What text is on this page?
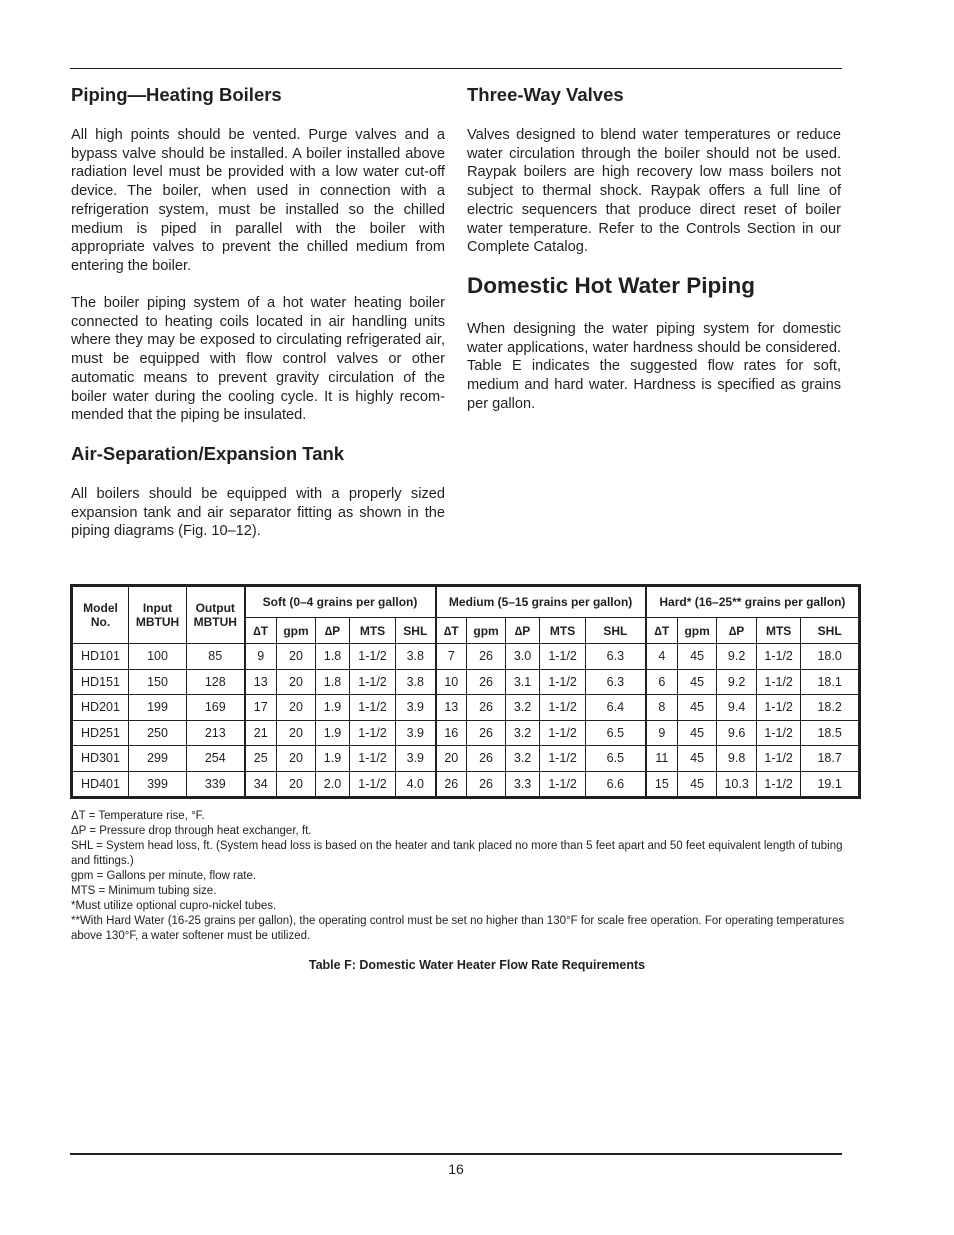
Piping—Heating Boilers

All high points should be vented. Purge valves and a bypass valve should be installed. A boiler installed above radiation level must be provided with a low water cut-off device. The boiler, when used in connection with a refrigeration system, must be installed so the chilled medium is piped in parallel with the boiler with appropriate valves to prevent the chilled medium from entering the boiler.

The boiler piping system of a hot water heating boiler connected to heating coils located in air handling units where they may be exposed to circulating refrigerated air, must be equipped with flow control valves or other automatic means to prevent gravity circulation of the boiler water during the cooling cycle. It is highly recommended that the piping be insulated.

Air-Separation/Expansion Tank

All boilers should be equipped with a properly sized expansion tank and air separator fitting as shown in the piping diagrams (Fig. 10–12).

Three-Way Valves

Valves designed to blend water temperatures or reduce water circulation through the boiler should not be used. Raypak boilers are high recovery low mass boilers not subject to thermal shock. Raypak offers a full line of electric sequencers that produce direct reset of boiler water temperature. Refer to the Controls Section in our Complete Catalog.

Domestic Hot Water Piping

When designing the water piping system for domestic water applications, water hardness should be considered. Table E indicates the suggested flow rates for soft, medium and hard water. Hardness is specified as grains per gallon.

Model No.	Input MBTUH	Output MBTUH	Soft (0–4 grains per gallon)					Medium (5–15 grains per gallon)					Hard* (16–25** grains per gallon)				
			∆T	gpm	∆P	MTS	SHL	∆T	gpm	∆P	MTS	SHL	∆T	gpm	∆P	MTS	SHL
HD101	100	85	9	20	1.8	1-1/2	3.8	7	26	3.0	1-1/2	6.3	4	45	9.2	1-1/2	18.0
HD151	150	128	13	20	1.8	1-1/2	3.8	10	26	3.1	1-1/2	6.3	6	45	9.2	1-1/2	18.1
HD201	199	169	17	20	1.9	1-1/2	3.9	13	26	3.2	1-1/2	6.4	8	45	9.4	1-1/2	18.2
HD251	250	213	21	20	1.9	1-1/2	3.9	16	26	3.2	1-1/2	6.5	9	45	9.6	1-1/2	18.5
HD301	299	254	25	20	1.9	1-1/2	3.9	20	26	3.2	1-1/2	6.5	11	45	9.8	1-1/2	18.7
HD401	399	339	34	20	2.0	1-1/2	4.0	26	26	3.3	1-1/2	6.6	15	45	10.3	1-1/2	19.1
ΔT = Temperature rise, °F.
ΔP = Pressure drop through heat exchanger, ft.
SHL = System head loss, ft. (System head loss is based on the heater and tank placed no more than 5 feet apart and 50 feet equivalent length of tubing and fittings.)
gpm = Gallons per minute, flow rate.
MTS = Minimum tubing size.
*Must utilize optional cupro-nickel tubes.
**With Hard Water (16-25 grains per gallon), the operating control must be set no higher than 130°F for scale free operation. For operating temperatures above 130°F, a water softener must be utilized.
Table F: Domestic Water Heater Flow Rate Requirements
16
